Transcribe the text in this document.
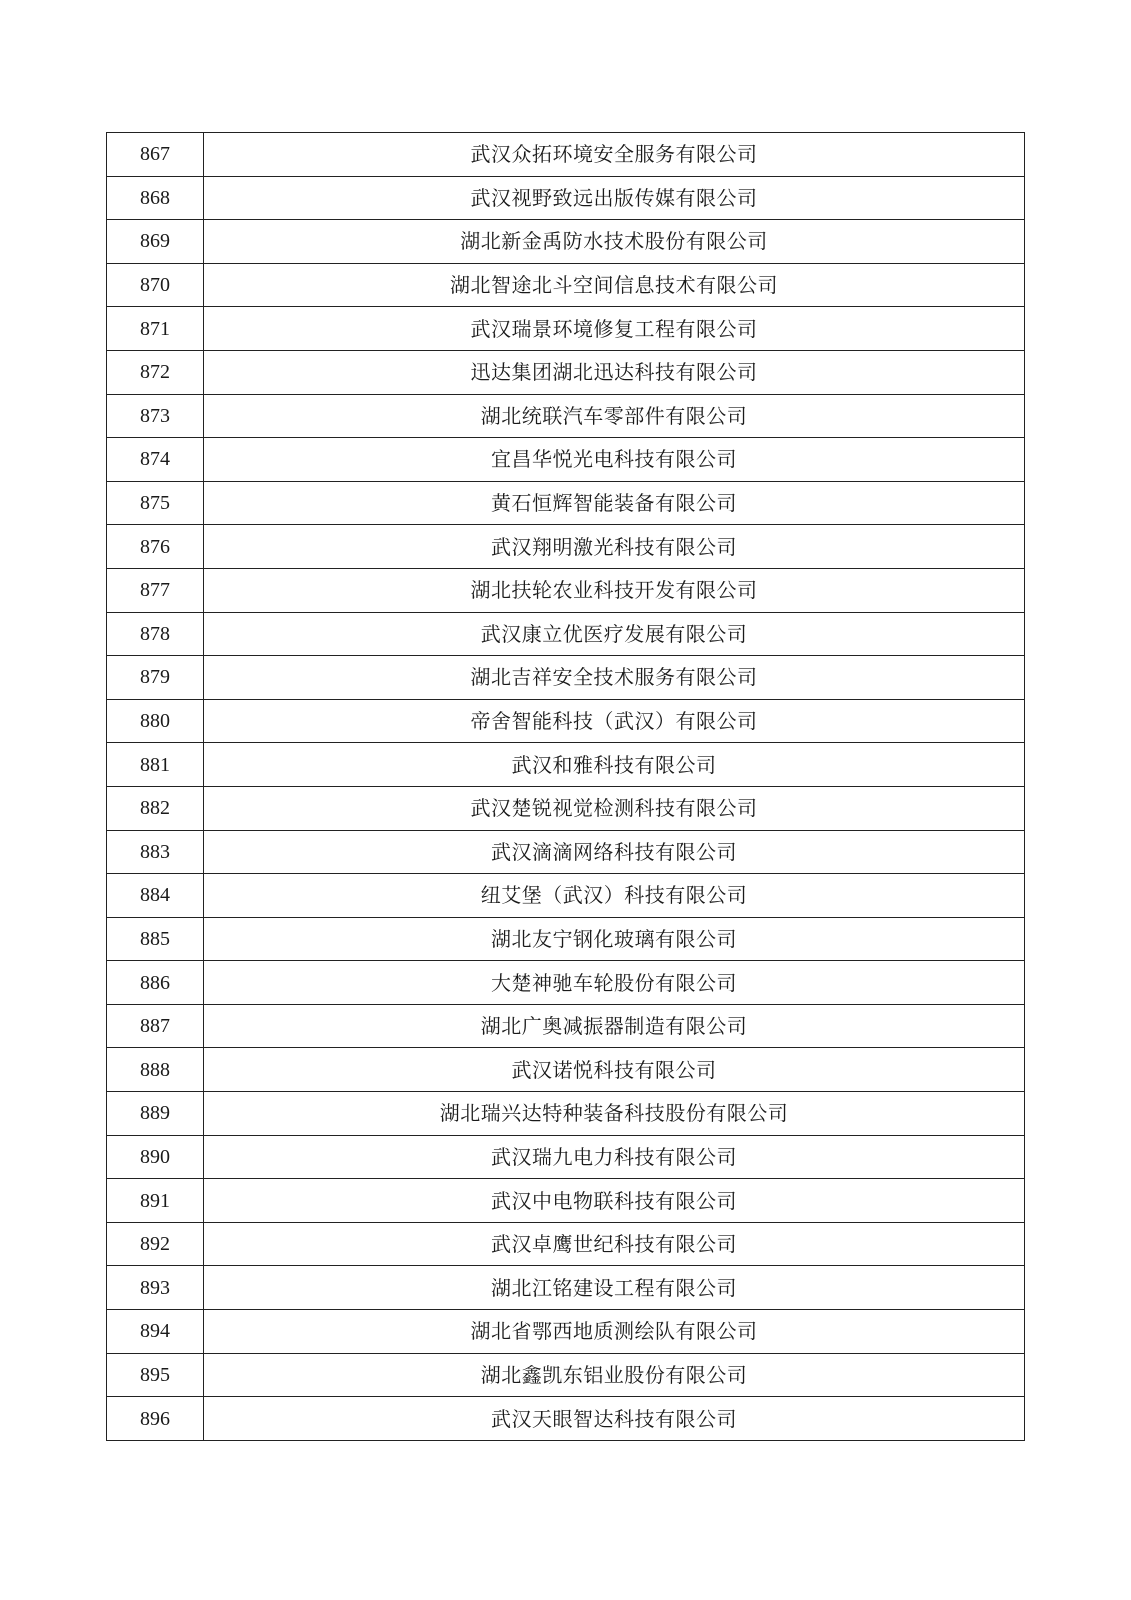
867	武汉众拓环境安全服务有限公司
868	武汉视野致远出版传媒有限公司
869	湖北新金禹防水技术股份有限公司
870	湖北智途北斗空间信息技术有限公司
871	武汉瑞景环境修复工程有限公司
872	迅达集团湖北迅达科技有限公司
873	湖北统联汽车零部件有限公司
874	宜昌华悦光电科技有限公司
875	黄石恒辉智能装备有限公司
876	武汉翔明激光科技有限公司
877	湖北扶轮农业科技开发有限公司
878	武汉康立优医疗发展有限公司
879	湖北吉祥安全技术服务有限公司
880	帝舍智能科技（武汉）有限公司
881	武汉和雅科技有限公司
882	武汉楚锐视觉检测科技有限公司
883	武汉滴滴网络科技有限公司
884	纽艾堡（武汉）科技有限公司
885	湖北友宁钢化玻璃有限公司
886	大楚神驰车轮股份有限公司
887	湖北广奥减振器制造有限公司
888	武汉诺悦科技有限公司
889	湖北瑞兴达特种装备科技股份有限公司
890	武汉瑞九电力科技有限公司
891	武汉中电物联科技有限公司
892	武汉卓鹰世纪科技有限公司
893	湖北江铭建设工程有限公司
894	湖北省鄂西地质测绘队有限公司
895	湖北鑫凯东铝业股份有限公司
896	武汉天眼智达科技有限公司
